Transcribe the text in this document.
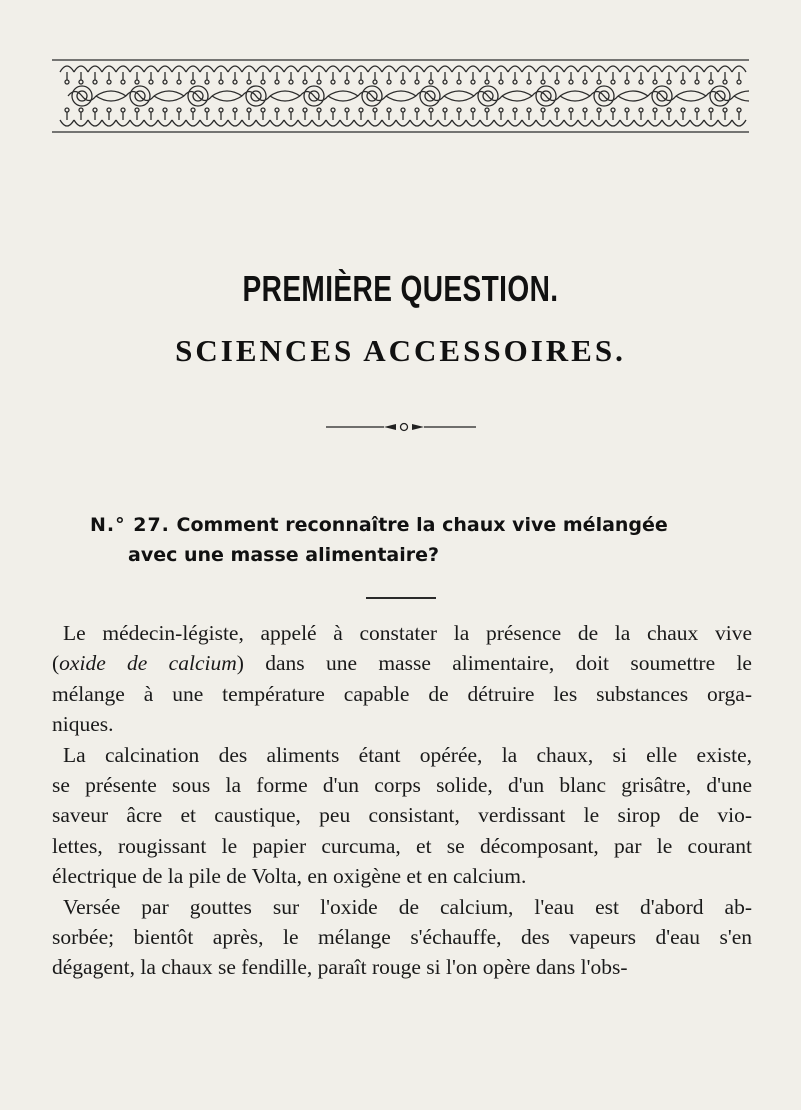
PREMIÈRE QUESTION.
SCIENCES ACCESSOIRES.
N.° 27. Comment reconnaître la chaux vive mélangée
avec une masse alimentaire?

Le médecin-légiste, appelé à constater la présence de la chaux vive
(oxide de calcium) dans une masse alimentaire, doit soumettre le
mélange à une température capable de détruire les substances orga-
niques.

La calcination des aliments étant opérée, la chaux, si elle existe,
se présente sous la forme d'un corps solide, d'un blanc grisâtre, d'une
saveur âcre et caustique, peu consistant, verdissant le sirop de vio-
lettes, rougissant le papier curcuma, et se décomposant, par le courant
électrique de la pile de Volta, en oxigène et en calcium.

Versée par gouttes sur l'oxide de calcium, l'eau est d'abord ab-
sorbée; bientôt après, le mélange s'échauffe, des vapeurs d'eau s'en
dégagent, la chaux se fendille, paraît rouge si l'on opère dans l'obs-
